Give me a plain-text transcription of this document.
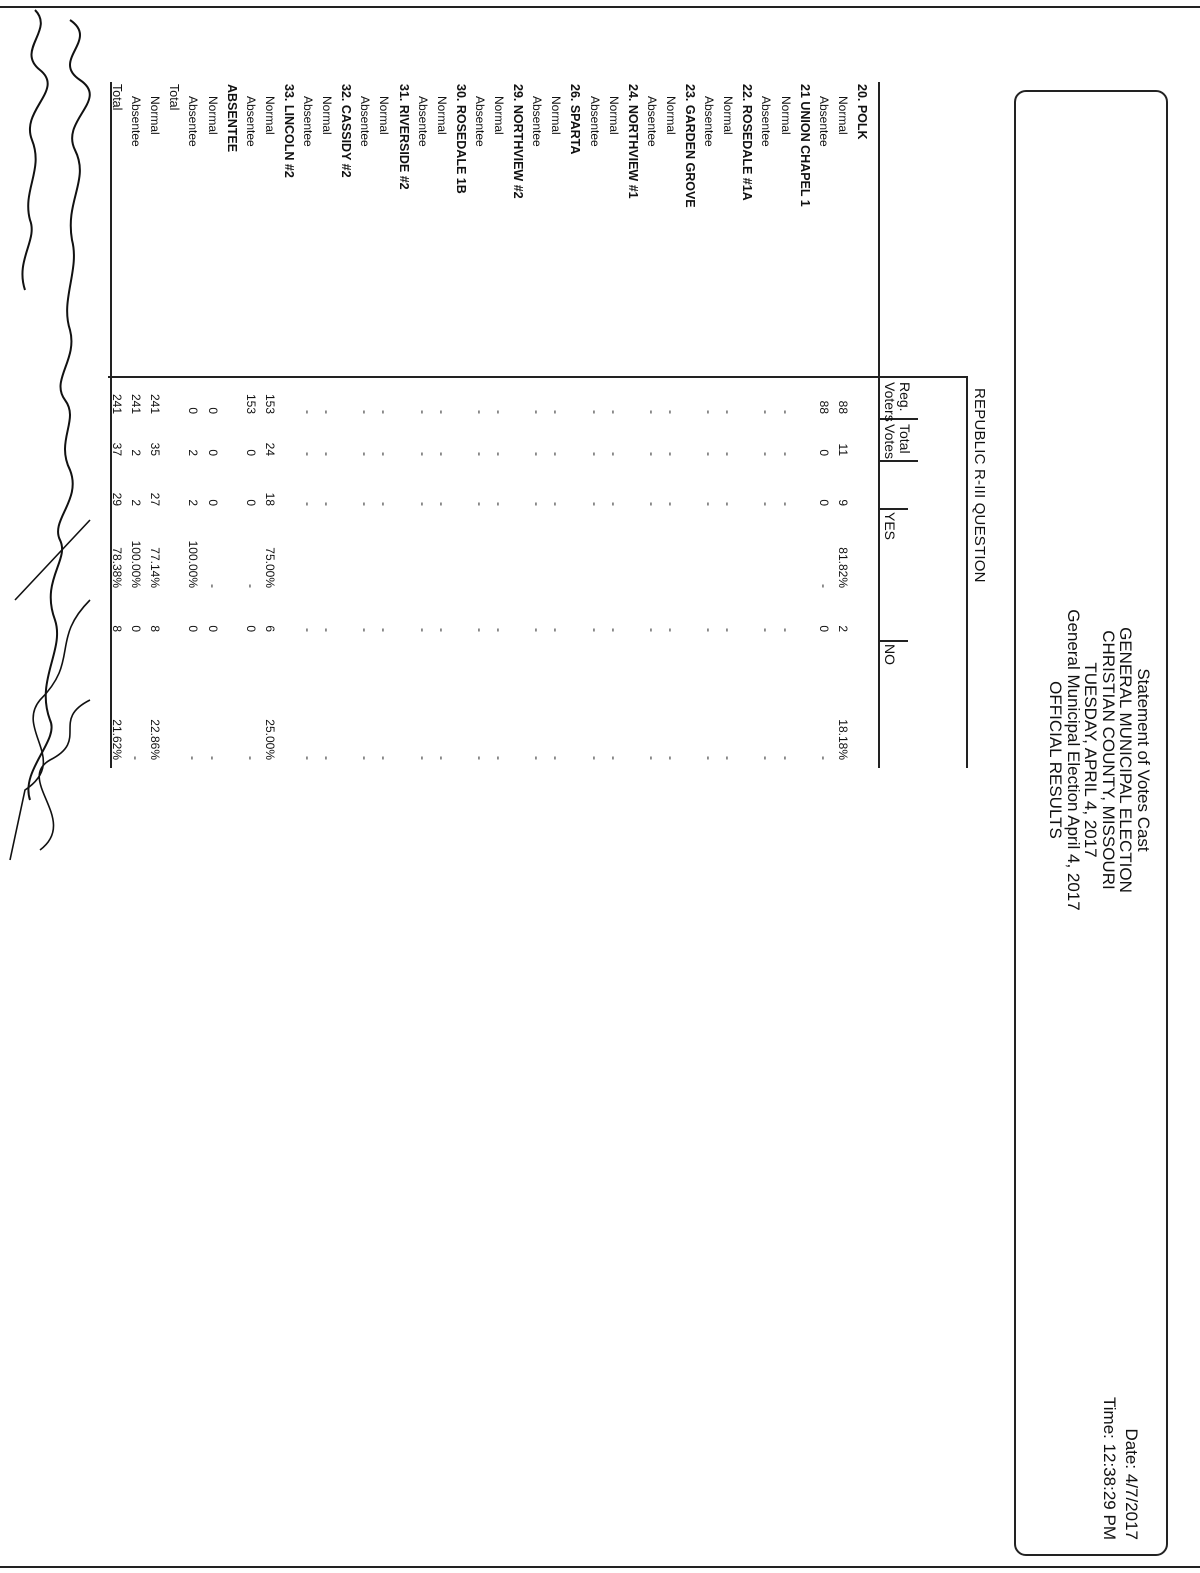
Statement of Votes Cast
GENERAL MUNICIPAL ELECTION
CHRISTIAN COUNTY, MISSOURI
TUESDAY, APRIL 4, 2017
General Municipal Election April 4, 2017
OFFICIAL RESULTS
Date: 4/7/2017
Time: 12:38:29 PM
REPUBLIC R-III QUESTION
Reg.
Voters
Total
Votes
YES
NO
20. POLK
Normal
88
11
9
81.82%
2
18.18%
Absentee
88
0
0
-
0
-
21 UNION CHAPEL 1
Normal
-
-
-
-
-
Absentee
-
-
-
-
-
22. ROSEDALE #1A
Normal
-
-
-
-
-
Absentee
-
-
-
-
-
23. GARDEN GROVE
Normal
-
-
-
-
-
Absentee
-
-
-
-
-
24. NORTHVIEW #1
Normal
-
-
-
-
-
Absentee
-
-
-
-
-
26. SPARTA
Normal
-
-
-
-
-
Absentee
-
-
-
-
-
29. NORTHVIEW #2
Normal
-
-
-
-
-
Absentee
-
-
-
-
-
30. ROSEDALE 1B
Normal
-
-
-
-
-
Absentee
-
-
-
-
-
31. RIVERSIDE #2
Normal
-
-
-
-
-
Absentee
-
-
-
-
-
32. CASSIDY #2
Normal
-
-
-
-
-
Absentee
-
-
-
-
-
33. LINCOLN #2
Normal
153
24
18
75.00%
6
25.00%
Absentee
153
0
0
-
0
-
ABSENTEE
Normal
0
0
0
-
0
-
Absentee
0
2
2
100.00%
0
-
Total
Normal
241
35
27
77.14%
8
22.86%
Absentee
241
2
2
100.00%
0
-
Total
241
37
29
78.38%
8
21.62%
